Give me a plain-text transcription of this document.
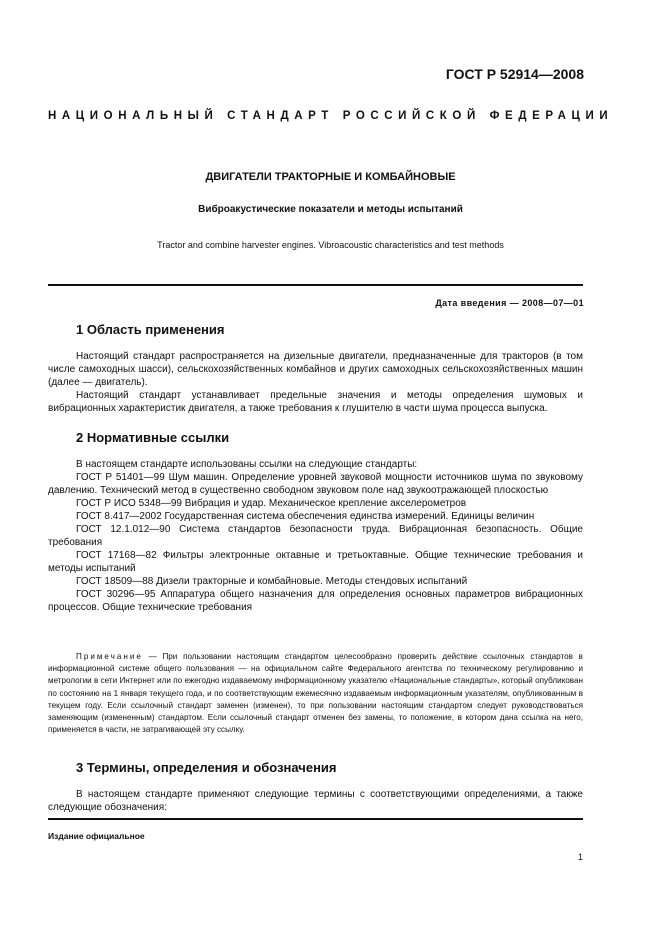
ГОСТ Р 52914—2008
НАЦИОНАЛЬНЫЙ СТАНДАРТ РОССИЙСКОЙ ФЕДЕРАЦИИ
ДВИГАТЕЛИ ТРАКТОРНЫЕ И КОМБАЙНОВЫЕ
Виброакустические показатели и методы испытаний
Tractor and combine harvester engines. Vibroacoustic characteristics and test methods
Дата введения — 2008—07—01
1 Область применения

Настоящий стандарт распространяется на дизельные двигатели, предназначенные для тракторов (в том числе самоходных шасси), сельскохозяйственных комбайнов и других самоходных сельскохозяйственных машин (далее — двигатель).

Настоящий стандарт устанавливает предельные значения и методы определения шумовых и вибрационных характеристик двигателя, а также требования к глушителю в части шума процесса выпуска.

2 Нормативные ссылки

В настоящем стандарте использованы ссылки на следующие стандарты:

ГОСТ Р 51401—99 Шум машин. Определение уровней звуковой мощности источников шума по звуковому давлению. Технический метод в существенно свободном звуковом поле над звукоотражающей плоскостью

ГОСТ Р ИСО 5348—99 Вибрация и удар. Механическое крепление акселерометров

ГОСТ 8.417—2002 Государственная система обеспечения единства измерений. Единицы величин

ГОСТ 12.1.012—90 Система стандартов безопасности труда. Вибрационная безопасность. Общие требования

ГОСТ 17168—82 Фильтры электронные октавные и третьоктавные. Общие технические требования и методы испытаний

ГОСТ 18509—88 Дизели тракторные и комбайновые. Методы стендовых испытаний

ГОСТ 30296—95 Аппаратура общего назначения для определения основных параметров вибрационных процессов. Общие технические требования

Примечание — При пользовании настоящим стандартом целесообразно проверить действие ссылочных стандартов в информационной системе общего пользования — на официальном сайте Федерального агентства по техническому регулированию и метрологии в сети Интернет или по ежегодно издаваемому информационному указателю «Национальные стандарты», который опубликован по состоянию на 1 января текущего года, и по соответствующим ежемесячно издаваемым информационным указателям, опубликованным в текущем году. Если ссылочный стандарт заменен (изменен), то при пользовании настоящим стандартом следует руководствоваться заменяющим (измененным) стандартом. Если ссылочный стандарт отменен без замены, то положение, в котором дана ссылка на него, применяется в части, не затрагивающей эту ссылку.
3 Термины, определения и обозначения

В настоящем стандарте применяют следующие термины с соответствующими определениями, а также следующие обозначения:

Издание официальное
1
